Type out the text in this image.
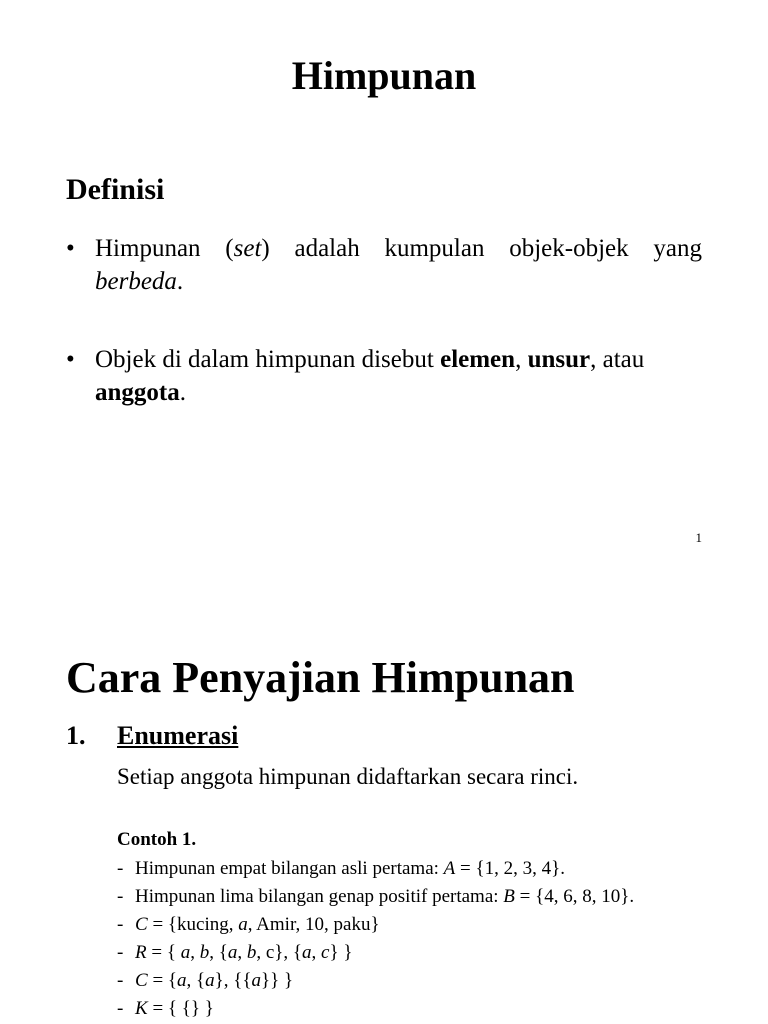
Himpunan
Definisi
• Himpunan (set) adalah kumpulan objek-objek yang berbeda.
• Objek di dalam himpunan disebut elemen, unsur, atau anggota.
1
Cara Penyajian Himpunan
1. Enumerasi
Setiap anggota himpunan didaftarkan secara rinci.
Contoh 1.
- Himpunan empat bilangan asli pertama: A = {1, 2, 3, 4}.
- Himpunan lima bilangan genap positif pertama: B = {4, 6, 8, 10}.
- C = {kucing, a, Amir, 10, paku}
- R = { a, b, {a, b, c}, {a, c} }
- C = {a, {a}, {{a}} }
- K = { {} }
